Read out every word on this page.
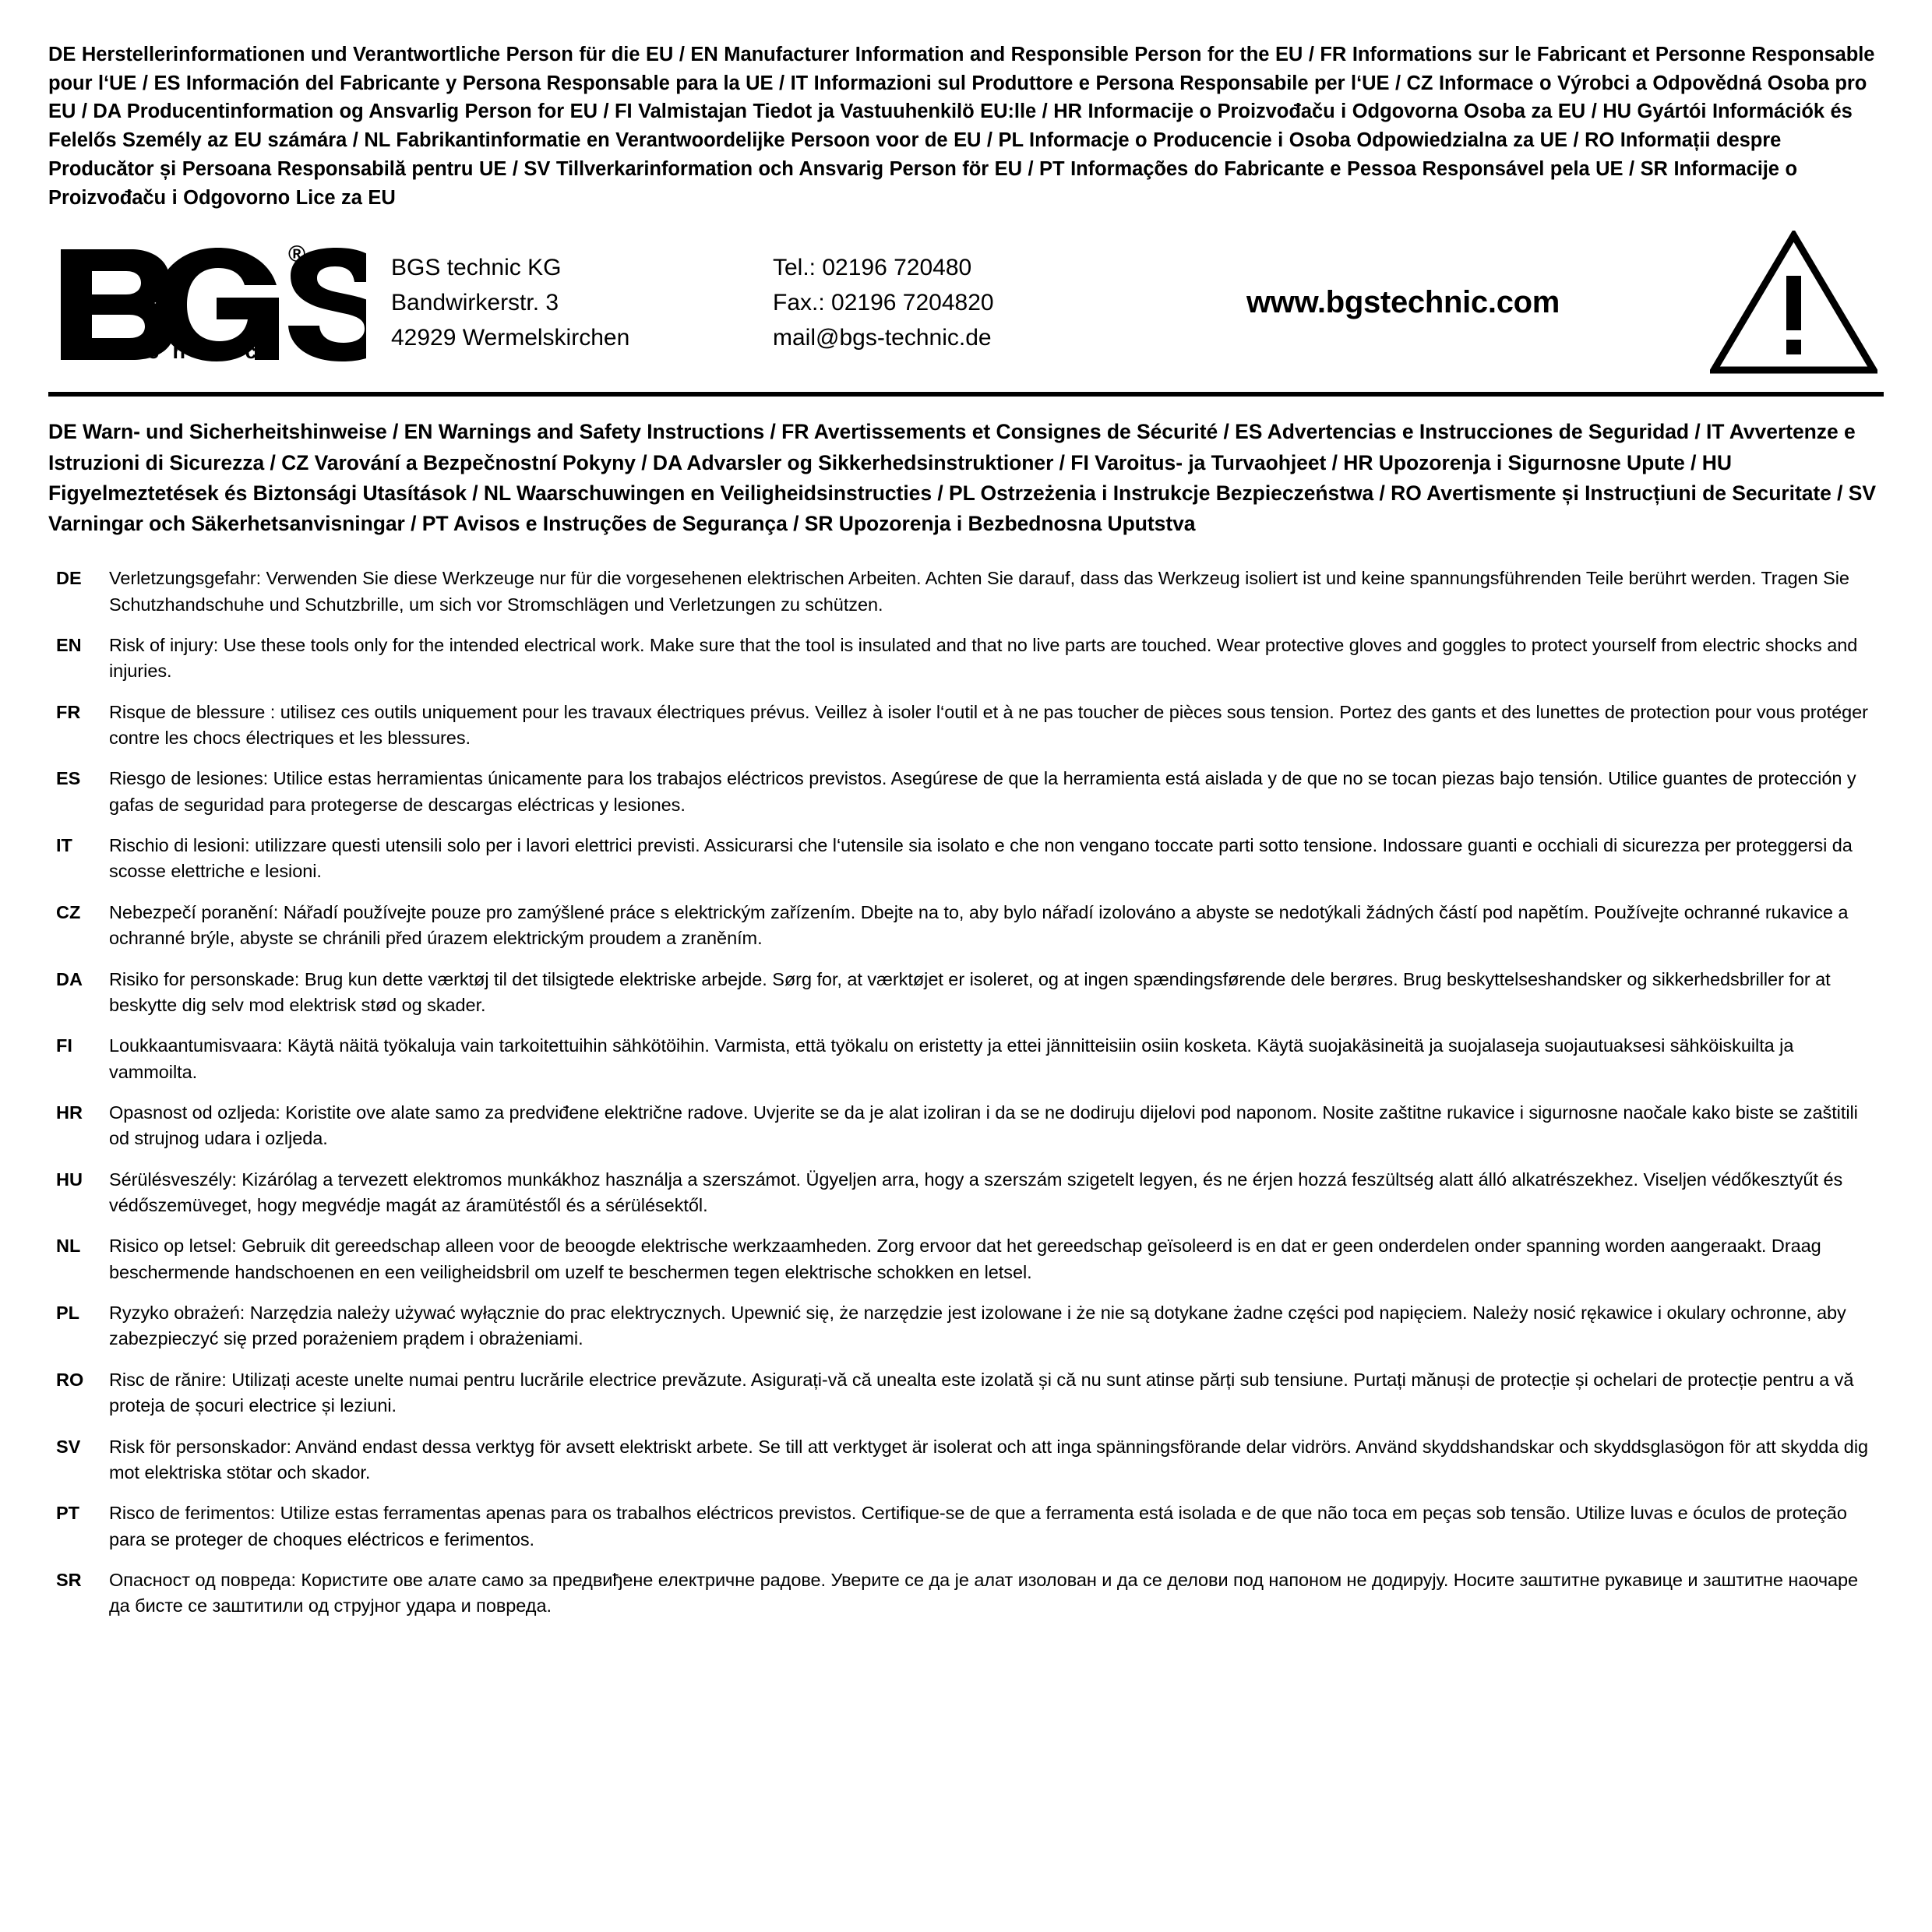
DE Herstellerinformationen und Verantwortliche Person für die EU / EN Manufacturer Information and Responsible Person for the EU / FR Informations sur le Fabricant et Personne Responsable pour l‘UE / ES Información del Fabricante y Persona Responsable para la UE / IT Informazioni sul Produttore e Persona Responsabile per l‘UE / CZ Informace o Výrobci a Odpovědná Osoba pro EU / DA Producentinformation og Ansvarlig Person for EU / FI Valmistajan Tiedot ja Vastuuhenkilö EU:lle / HR Informacije o Proizvođaču i Odgovorna Osoba za EU / HU Gyártói Információk és Felelős Személy az EU számára / NL Fabrikantinformatie en Verantwoordelijke Persoon voor de EU / PL Informacje o Producencie i Osoba Odpowiedzialna za UE / RO Informații despre Producător și Persoana Responsabilă pentru UE / SV Tillverkarinformation och Ansvarig Person för EU / PT Informações do Fabricante e Pessoa Responsável pela UE / SR Informacije o Proizvođaču i Odgovorno Lice za EU
®
t e c h n i c
BGS technic KG
Bandwirkerstr. 3
42929 Wermelskirchen
Tel.: 02196 720480
Fax.: 02196 7204820
mail@bgs-technic.de
www.bgstechnic.com
DE Warn- und Sicherheitshinweise / EN Warnings and Safety Instructions / FR Avertissements et Consignes de Sécurité / ES Advertencias e Instrucciones de Seguridad / IT Avvertenze e Istruzioni di Sicurezza / CZ Varování a Bezpečnostní Pokyny / DA Advarsler og Sikkerhedsinstruktioner / FI Varoitus- ja Turvaohjeet / HR Upozorenja i Sigurnosne Upute / HU Figyelmeztetések és Biztonsági Utasítások / NL Waarschuwingen en Veiligheidsinstructies / PL Ostrzeżenia i Instrukcje Bezpieczeństwa / RO Avertismente și Instrucțiuni de Securitate / SV Varningar och Säkerhetsanvisningar / PT Avisos e Instruções de Segurança / SR Upozorenja i Bezbednosna Uputstva
DE	Verletzungsgefahr: Verwenden Sie diese Werkzeuge nur für die vorgesehenen elektrischen Arbeiten. Achten Sie darauf, dass das Werkzeug isoliert ist und keine spannungsführenden Teile berührt werden. Tragen Sie Schutzhandschuhe und Schutzbrille, um sich vor Stromschlägen und Verletzungen zu schützen.
EN	Risk of injury: Use these tools only for the intended electrical work. Make sure that the tool is insulated and that no live parts are touched. Wear protective gloves and goggles to protect yourself from electric shocks and injuries.
FR	Risque de blessure : utilisez ces outils uniquement pour les travaux électriques prévus. Veillez à isoler l‘outil et à ne pas toucher de pièces sous tension. Portez des gants et des lunettes de protection pour vous protéger contre les chocs électriques et les blessures.
ES	Riesgo de lesiones: Utilice estas herramientas únicamente para los trabajos eléctricos previstos. Asegúrese de que la herramienta está aislada y de que no se tocan piezas bajo tensión. Utilice guantes de protección y gafas de seguridad para protegerse de descargas eléctricas y lesiones.
IT	Rischio di lesioni: utilizzare questi utensili solo per i lavori elettrici previsti. Assicurarsi che l‘utensile sia isolato e che non vengano toccate parti sotto tensione. Indossare guanti e occhiali di sicurezza per proteggersi da scosse elettriche e lesioni.
CZ	Nebezpečí poranění: Nářadí používejte pouze pro zamýšlené práce s elektrickým zařízením. Dbejte na to, aby bylo nářadí izolováno a abyste se nedotýkali žádných částí pod napětím. Používejte ochranné rukavice a ochranné brýle, abyste se chránili před úrazem elektrickým proudem a zraněním.
DA	Risiko for personskade: Brug kun dette værktøj til det tilsigtede elektriske arbejde. Sørg for, at værktøjet er isoleret, og at ingen spændingsførende dele berøres. Brug beskyttelseshandsker og sikkerhedsbriller for at beskytte dig selv mod elektrisk stød og skader.
FI	Loukkaantumisvaara: Käytä näitä työkaluja vain tarkoitettuihin sähkötöihin. Varmista, että työkalu on eristetty ja ettei jännitteisiin osiin kosketa. Käytä suojakäsineitä ja suojalaseja suojautuaksesi sähköiskuilta ja vammoilta.
HR	Opasnost od ozljeda: Koristite ove alate samo za predviđene električne radove. Uvjerite se da je alat izoliran i da se ne dodiruju dijelovi pod naponom. Nosite zaštitne rukavice i sigurnosne naočale kako biste se zaštitili od strujnog udara i ozljeda.
HU	Sérülésveszély: Kizárólag a tervezett elektromos munkákhoz használja a szerszámot. Ügyeljen arra, hogy a szerszám szigetelt legyen, és ne érjen hozzá feszültség alatt álló alkatrészekhez. Viseljen védőkesztyűt és védőszemüveget, hogy megvédje magát az áramütéstől és a sérülésektől.
NL	Risico op letsel: Gebruik dit gereedschap alleen voor de beoogde elektrische werkzaamheden. Zorg ervoor dat het gereedschap geïsoleerd is en dat er geen onderdelen onder spanning worden aangeraakt. Draag beschermende handschoenen en een veiligheidsbril om uzelf te beschermen tegen elektrische schokken en letsel.
PL	Ryzyko obrażeń: Narzędzia należy używać wyłącznie do prac elektrycznych. Upewnić się, że narzędzie jest izolowane i że nie są dotykane żadne części pod napięciem. Należy nosić rękawice i okulary ochronne, aby zabezpieczyć się przed porażeniem prądem i obrażeniami.
RO	Risc de rănire: Utilizați aceste unelte numai pentru lucrările electrice prevăzute. Asigurați-vă că unealta este izolată și că nu sunt atinse părți sub tensiune. Purtați mănuși de protecție și ochelari de protecție pentru a vă proteja de șocuri electrice și leziuni.
SV	Risk för personskador: Använd endast dessa verktyg för avsett elektriskt arbete. Se till att verktyget är isolerat och att inga spänningsförande delar vidrörs. Använd skyddshandskar och skyddsglasögon för att skydda dig mot elektriska stötar och skador.
PT	Risco de ferimentos: Utilize estas ferramentas apenas para os trabalhos eléctricos previstos. Certifique-se de que a ferramenta está isolada e de que não toca em peças sob tensão. Utilize luvas e óculos de proteção para se proteger de choques eléctricos e ferimentos.
SR	Опасност од повреда: Користите ове алате само за предвиђене електричне радове. Уверите се да је алат изолован и да се делови под напоном не додирују. Носите заштитне рукавице и заштитне наочаре да бисте се заштитили од струјног удара и повреда.
